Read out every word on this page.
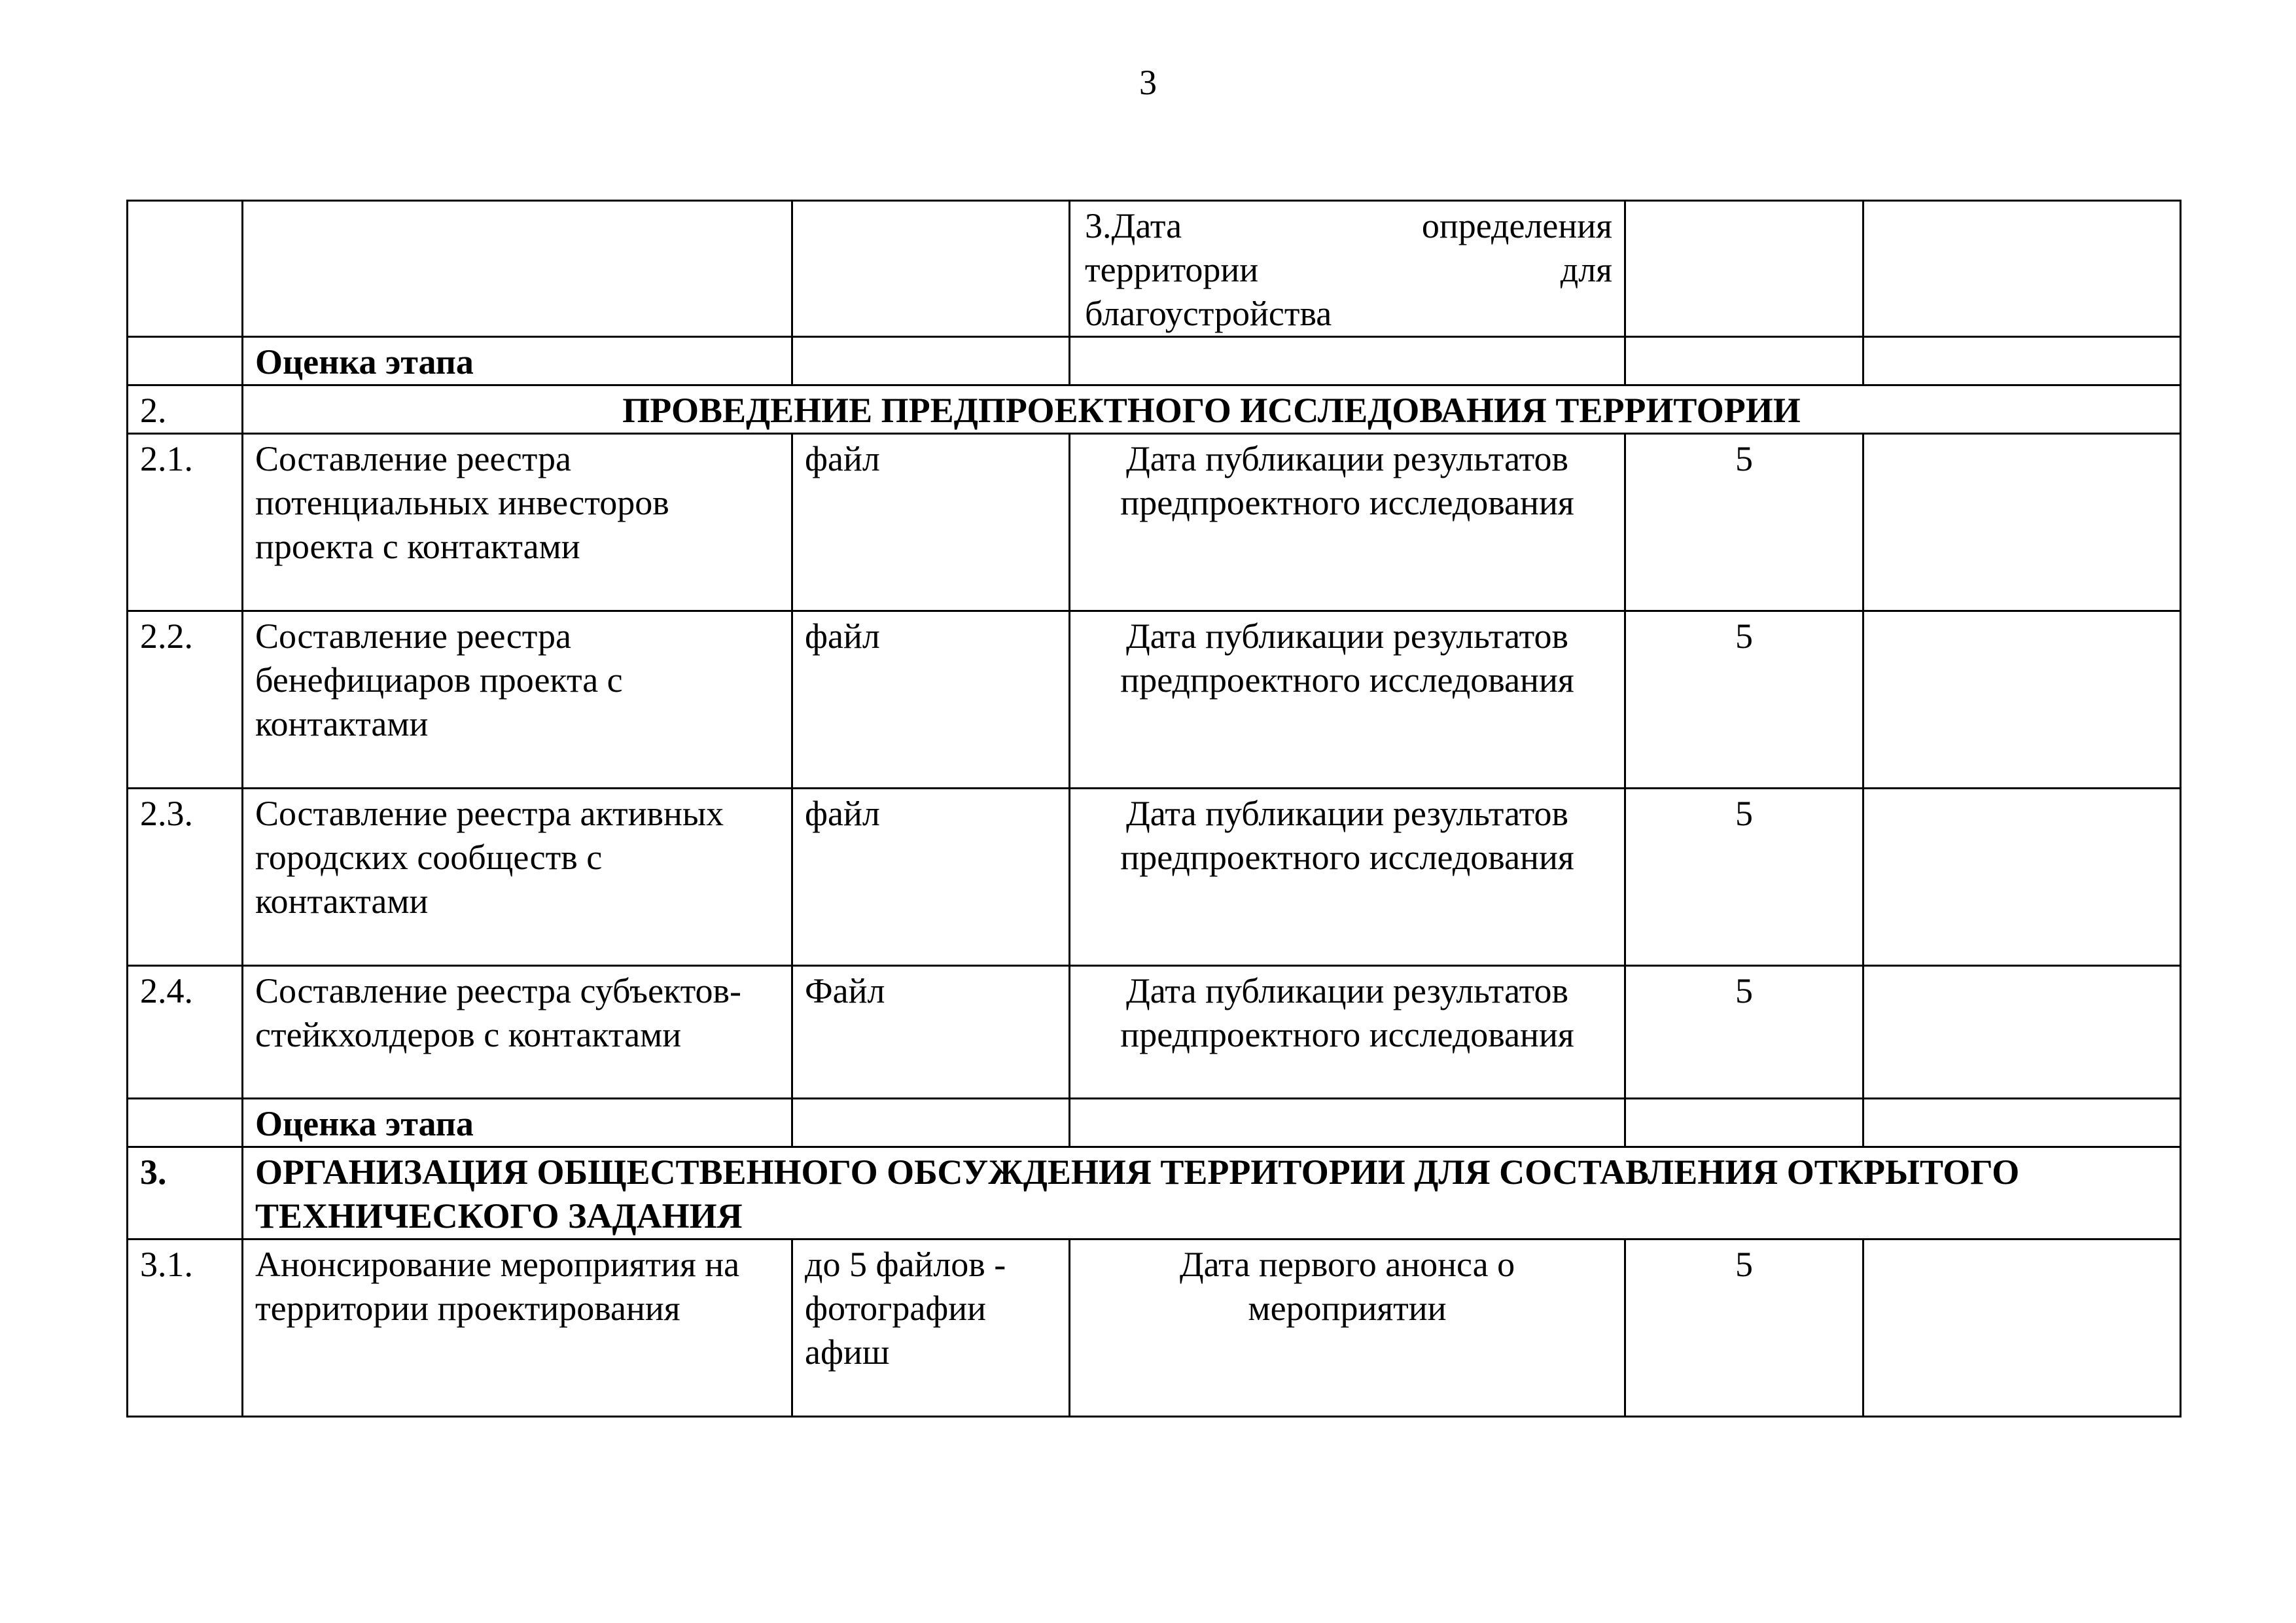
3

			3.Дата определения
территории для
благоустройства		

	Оценка этапа				
2.	ПРОВЕДЕНИЕ ПРЕДПРОЕКТНОГО ИССЛЕДОВАНИЯ ТЕРРИТОРИИ				
2.1.	Составление реестра потенциальных инвесторов проекта с контактами	файл	Дата публикации результатов предпроектного исследования	5	
2.2.	Составление реестра бенефициаров проекта с контактами	файл	Дата публикации результатов предпроектного исследования	5	
2.3.	Составление реестра активных городских сообществ с контактами	файл	Дата публикации результатов предпроектного исследования	5	
2.4.	Составление реестра субъектов-стейкхолдеров с контактами	Файл	Дата публикации результатов предпроектного исследования	5	
	Оценка этапа				
3.	ОРГАНИЗАЦИЯ ОБЩЕСТВЕННОГО ОБСУЖДЕНИЯ ТЕРРИТОРИИ ДЛЯ СОСТАВЛЕНИЯ ОТКРЫТОГО ТЕХНИЧЕСКОГО ЗАДАНИЯ				
3.1.	Анонсирование мероприятия на территории проектирования	до 5 файлов - фотографии афиш	Дата первого анонса о мероприятии	5	
